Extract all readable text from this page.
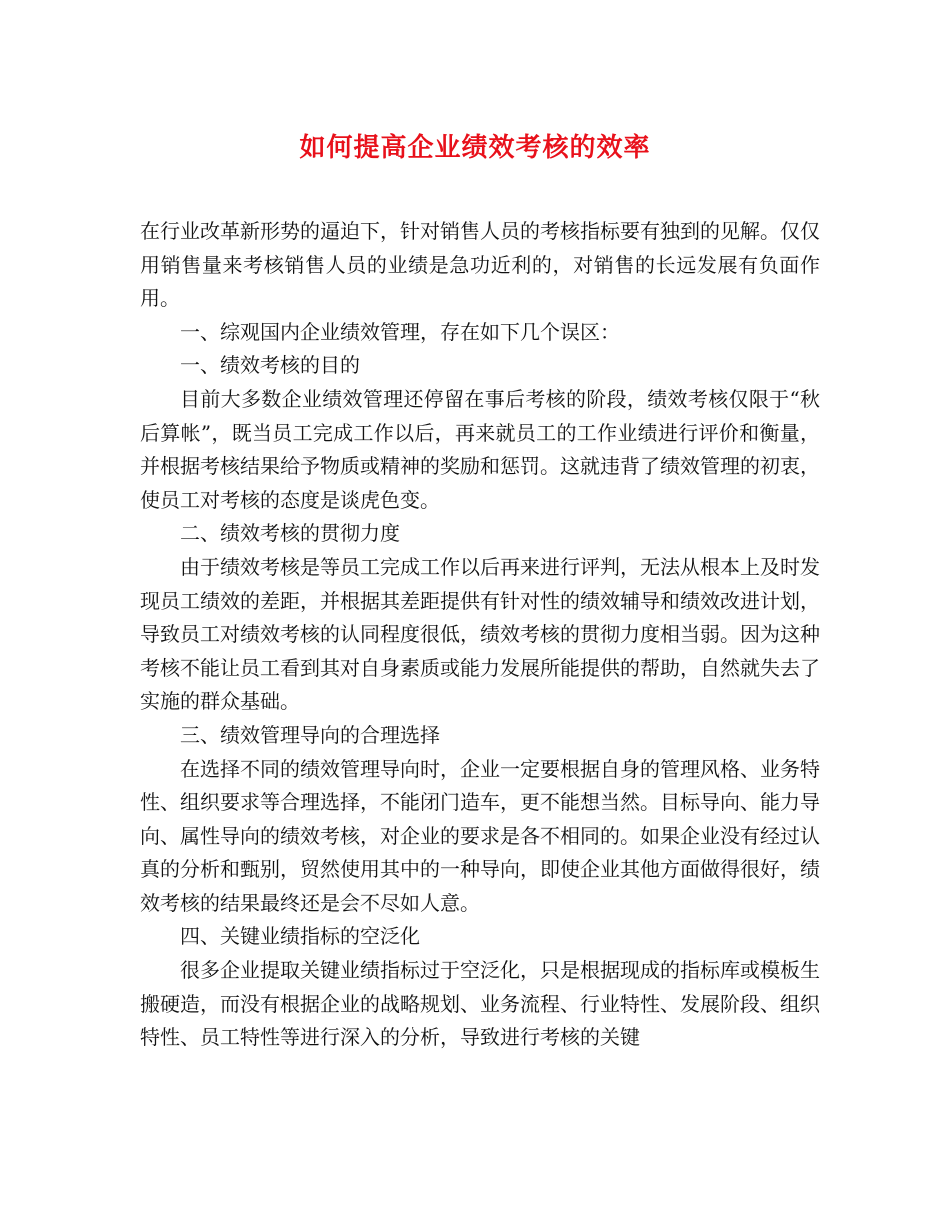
如何提高企业绩效考核的效率

在行业改革新形势的逼迫下，针对销售人员的考核指标要有独到的见解。仅仅用销售量来考核销售人员的业绩是急功近利的，对销售的长远发展有负面作用。

一、综观国内企业绩效管理，存在如下几个误区：

一、绩效考核的目的

目前大多数企业绩效管理还停留在事后考核的阶段，绩效考核仅限于“秋后算帐”，既当员工完成工作以后，再来就员工的工作业绩进行评价和衡量，并根据考核结果给予物质或精神的奖励和惩罚。这就违背了绩效管理的初衷，使员工对考核的态度是谈虎色变。

二、绩效考核的贯彻力度

由于绩效考核是等员工完成工作以后再来进行评判，无法从根本上及时发现员工绩效的差距，并根据其差距提供有针对性的绩效辅导和绩效改进计划，导致员工对绩效考核的认同程度很低，绩效考核的贯彻力度相当弱。因为这种考核不能让员工看到其对自身素质或能力发展所能提供的帮助，自然就失去了实施的群众基础。

三、绩效管理导向的合理选择

在选择不同的绩效管理导向时，企业一定要根据自身的管理风格、业务特性、组织要求等合理选择，不能闭门造车，更不能想当然。目标导向、能力导向、属性导向的绩效考核，对企业的要求是各不相同的。如果企业没有经过认真的分析和甄别，贸然使用其中的一种导向，即使企业其他方面做得很好，绩效考核的结果最终还是会不尽如人意。

四、关键业绩指标的空泛化

很多企业提取关键业绩指标过于空泛化，只是根据现成的指标库或模板生搬硬造，而没有根据企业的战略规划、业务流程、行业特性、发展阶段、组织特性、员工特性等进行深入的分析，导致进行考核的关键
